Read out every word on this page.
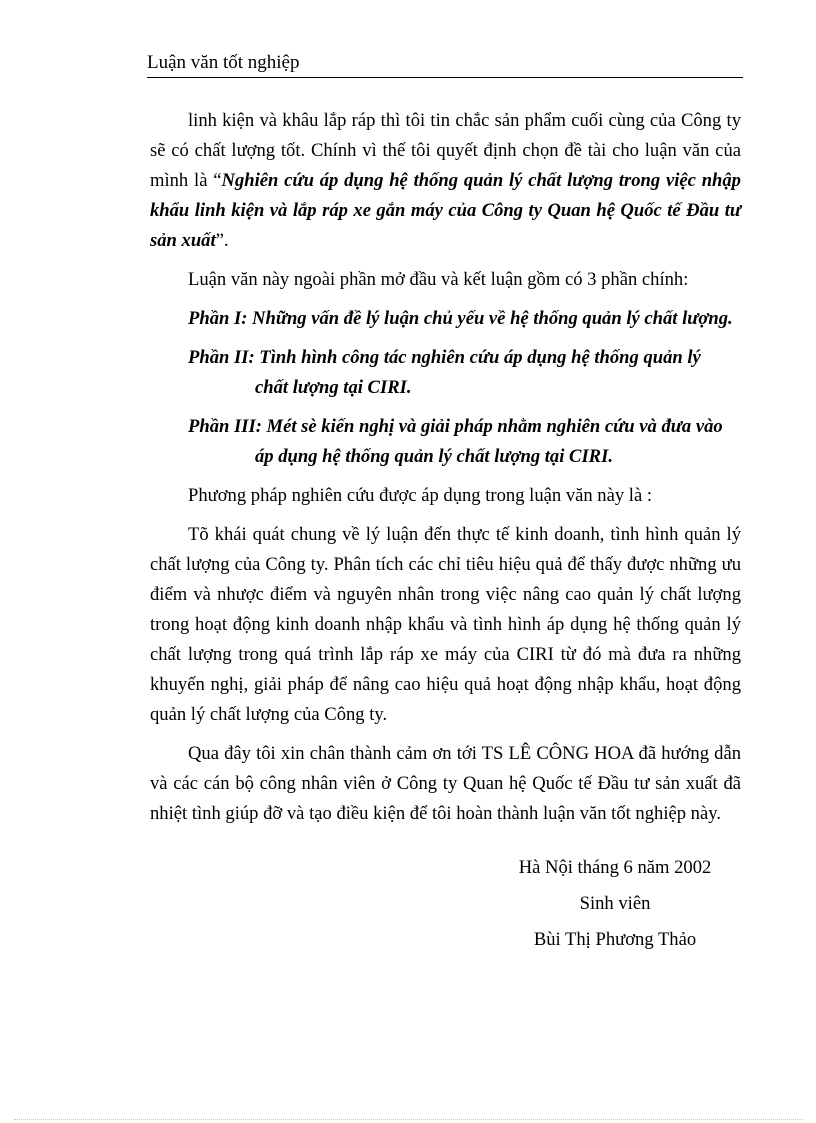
Luận văn tốt nghiệp

linh kiện và khâu lắp ráp thì tôi tin chắc sản phẩm cuối cùng của Công ty sẽ có chất lượng tốt. Chính vì thế tôi quyết định chọn đề tài cho luận văn của mình là “Nghiên cứu áp dụng hệ thống quản lý chất lượng trong việc nhập khẩu linh kiện và lắp ráp xe gắn máy của Công ty Quan hệ Quốc tế Đầu tư sản xuất”.

Luận văn này ngoài phần mở đầu và kết luận gồm có 3 phần chính:

Phần I: Những vấn đề lý luận chủ yếu về hệ thống quản lý chất lượng.

Phần II: Tình hình công tác nghiên cứu áp dụng hệ thống quản lý
chất lượng tại CIRI.

Phần III: Mét sè kiến nghị và giải pháp nhằm nghiên cứu và đưa vào
áp dụng hệ thống quản lý chất lượng tại CIRI.

Phương pháp nghiên cứu được áp dụng trong luận văn này là :

Tõ khái quát chung về lý luận đến thực tế kinh doanh, tình hình quản lý chất lượng của Công ty. Phân tích các chỉ tiêu hiệu quả để thấy được những ưu điểm và nhược điểm và nguyên nhân trong việc nâng cao quản lý chất lượng trong hoạt động kinh doanh nhập khẩu và tình hình áp dụng hệ thống quản lý chất lượng trong quá trình lắp ráp xe máy của CIRI từ đó mà đưa ra những khuyến nghị, giải pháp để nâng cao hiệu quả hoạt động nhập khẩu, hoạt động quản lý chất lượng của Công ty.

Qua đây tôi xin chân thành cảm ơn tới TS LÊ CÔNG HOA đã hướng dẫn và các cán bộ công nhân viên ở Công ty Quan hệ Quốc tế Đầu tư sản xuất đã nhiệt tình giúp đỡ và tạo điều kiện để tôi hoàn thành luận văn tốt nghiệp này.

Hà Nội tháng 6 năm 2002
Sinh viên
Bùi Thị Phương Thảo
